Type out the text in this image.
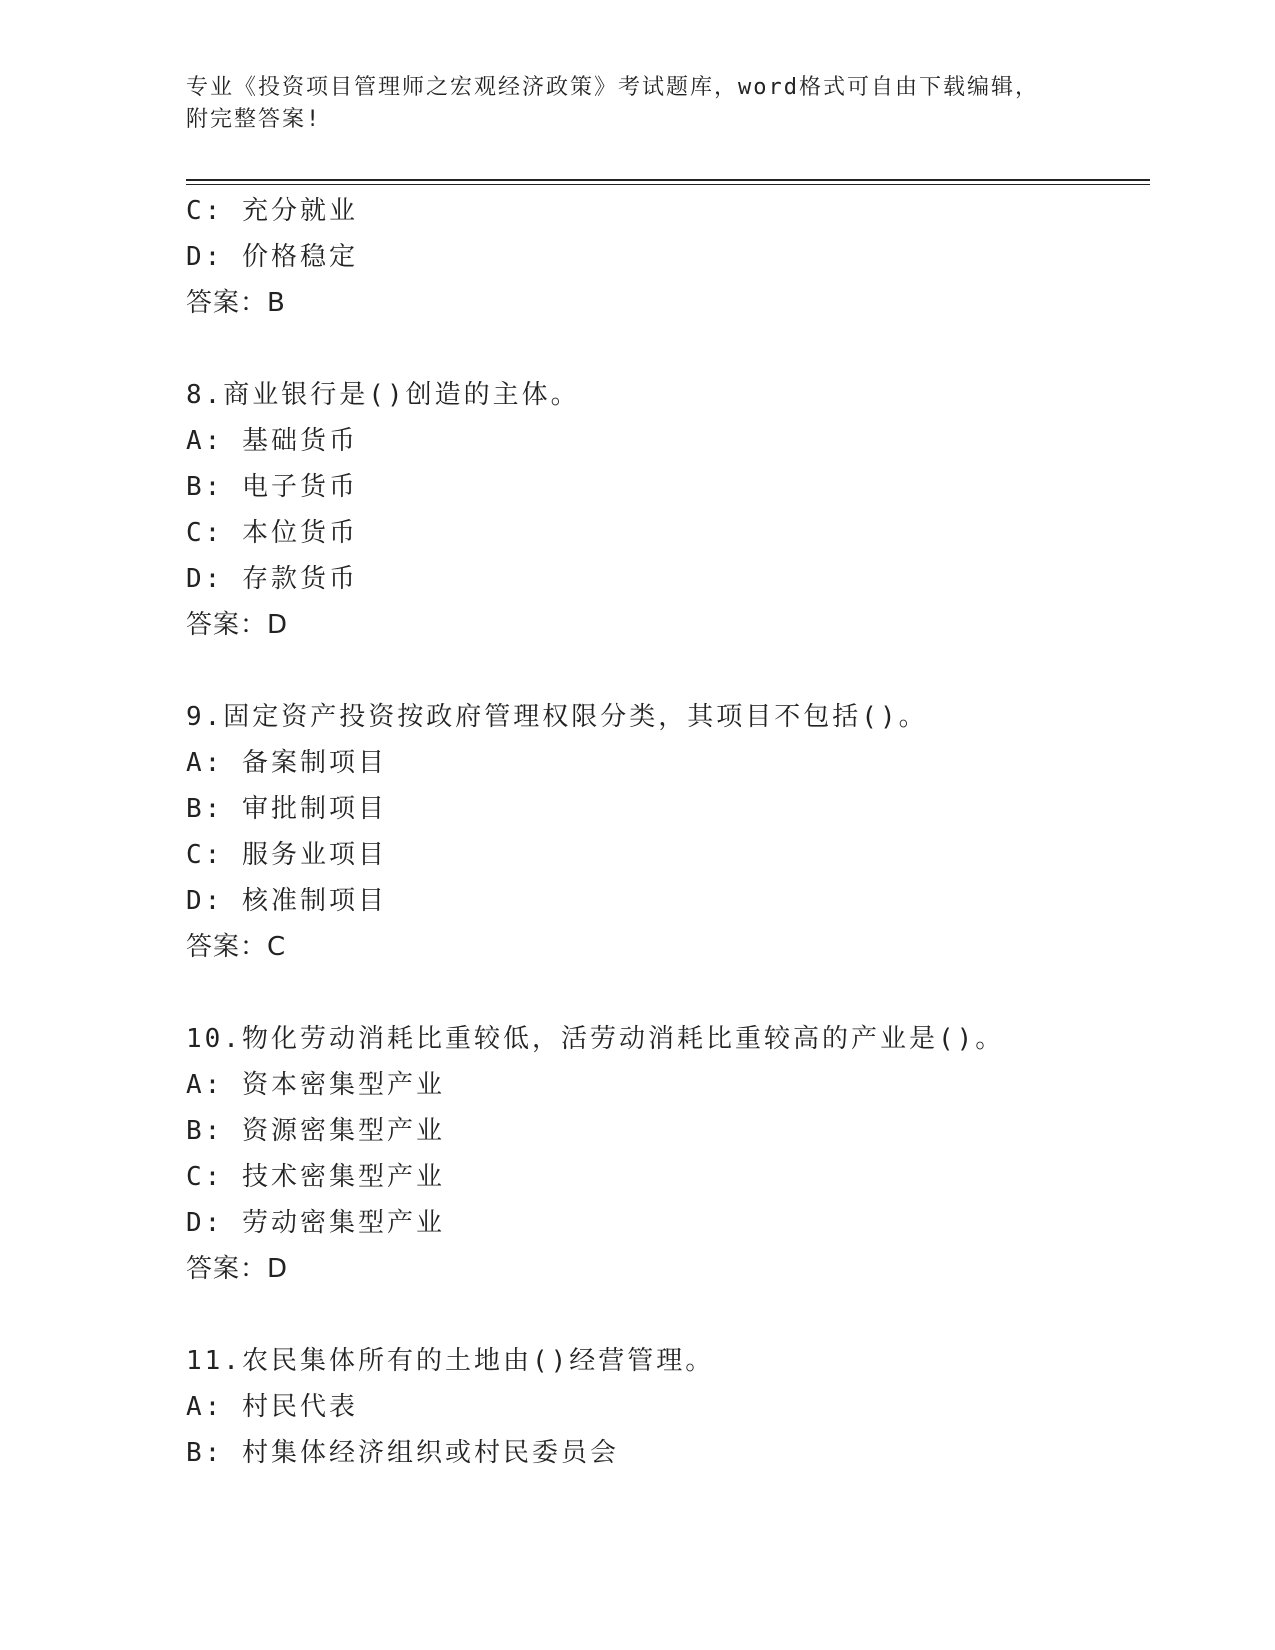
专业《投资项目管理师之宏观经济政策》考试题库，word格式可自由下载编辑，
附完整答案!
C: 充分就业
D: 价格稳定
答案：B
8.商业银行是()创造的主体。
A: 基础货币
B: 电子货币
C: 本位货币
D: 存款货币
答案：D
9.固定资产投资按政府管理权限分类，其项目不包括()。
A: 备案制项目
B: 审批制项目
C: 服务业项目
D: 核准制项目
答案：C
10.物化劳动消耗比重较低，活劳动消耗比重较高的产业是()。
A: 资本密集型产业
B: 资源密集型产业
C: 技术密集型产业
D: 劳动密集型产业
答案：D
11.农民集体所有的土地由()经营管理。
A: 村民代表
B: 村集体经济组织或村民委员会
